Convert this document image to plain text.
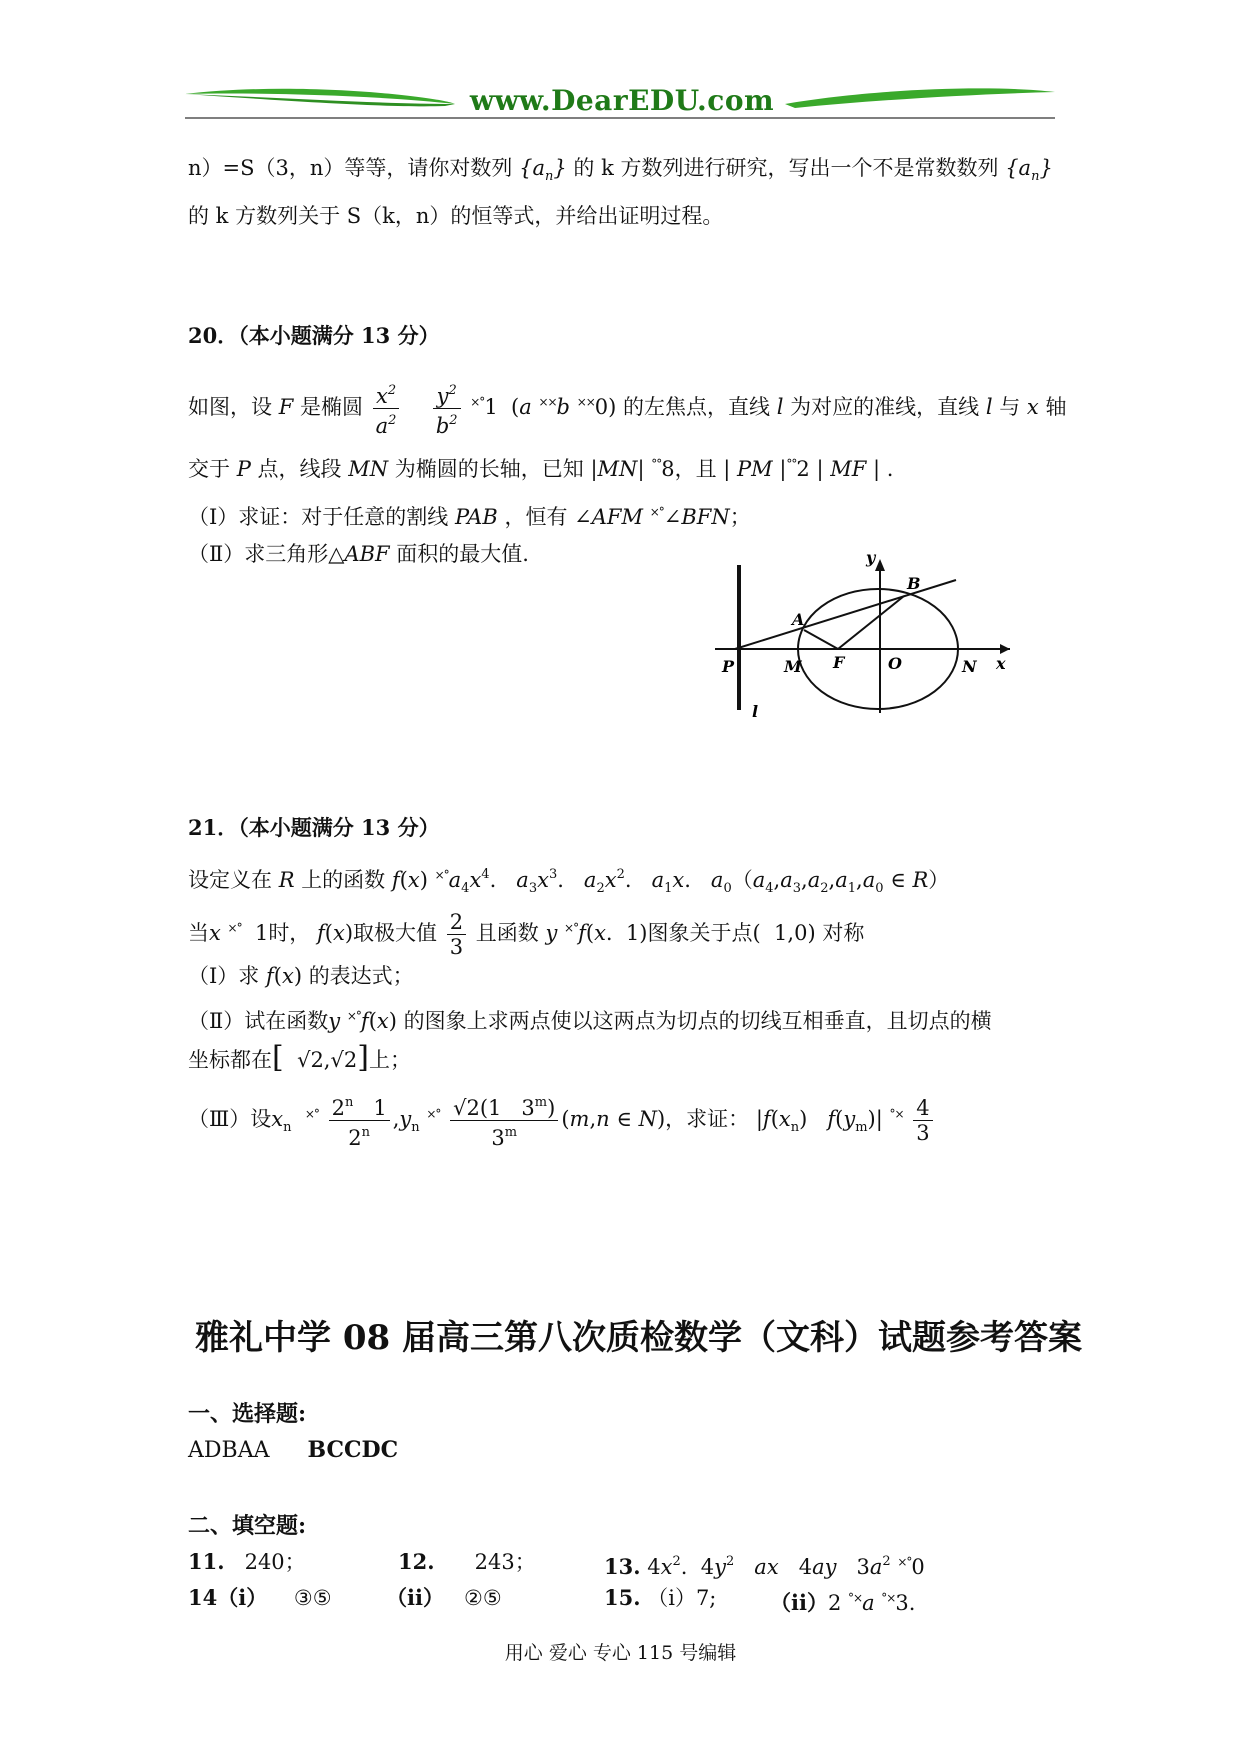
www.DearEDU.com
n）=S（3，n）等等，请你对数列 $\{a_n\}$ 的 k 方数列进行研究，写出一个不是常数数列 $\{a_n\}$
的 k 方数列关于 S（k，n）的恒等式，并给出证明过程。
20．（本小题满分 13 分）
如图，设 F 是椭圆 $\frac{x^2}{a^2}$
$\frac{y^2}{b^2} ^{\times^\circ}1$  (a ××b ××0) 的左焦点，直线 l 为对应的准线，直线 l 与 x 轴
交于 P 点，线段 MN 为椭圆的长轴，已知 |MN| °°8，且 | PM |°°2 | MF | .
（Ⅰ）求证：对于任意的割线 PAB ，恒有 ∠AFM ×°∠BFN；
（Ⅱ）求三角形△ABF 面积的最大值.	y
B
A
P	M F	O	N x
l
21．（本小题满分 13 分）
设定义在 R 上的函数 f(x) $^{\times^\circ}a_4x^4$.   $a_3x^3$.   $a_2x^2$.   $a_1x$.   $a_0(a_4,a_3,a_2,a_1,a_0$ ∈ R）
当x ×°  1时， f(x)取极大值 $\frac{2}{3}$ 且函数 y ×°f(x.  1)图象关于点(  1,0) 对称
（Ⅰ）求 f(x) 的表达式；
（Ⅱ）试在函数y ×°f(x) 的图象上求两点使以这两点为切点的切线互相垂直，且切点的横
坐标都在[  √2,√2]上；
（Ⅲ）设$x_n$  $^{\times^\circ} \frac{2^n 1}{2^n} ,y_n$ $^{\times^\circ} \frac{√2(1 3^m)}{3^m} (m,n$ ∈ N)，求证： $|f(x_n)$   $f(y_m)|$ $^{^\circ\times} \frac{4}{3}$
雅礼中学 08 届高三第八次质检数学（文科）试题参考答案
一、选择题:
ADBAA BCCDC
二、填空题:
11. 240；	12. 243；	13. $4x^2$.  $4y^2$ ax   4ay   $3a^2$ ×°0
14（i） ③⑤	（ii） ②⑤	15. （i）7;	（ii）2 °×a °×3.
用心 爱心 专心 115 号编辑
